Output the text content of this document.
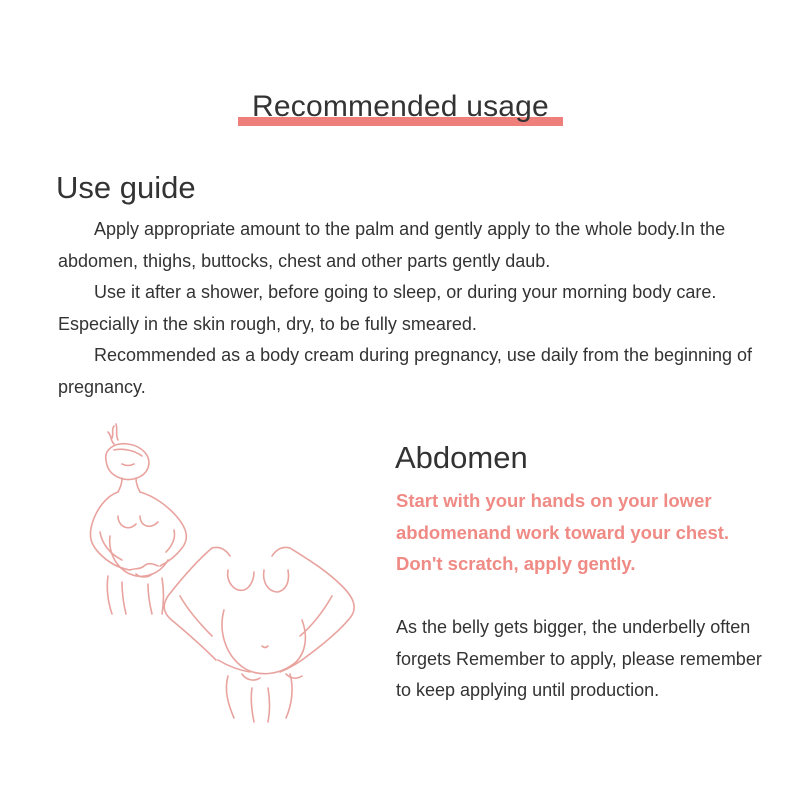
Recommended usage
Use guide

Apply appropriate amount to the palm and gently apply to the whole body.In the abdomen, thighs, buttocks, chest and other parts gently daub.

Use it after a shower, before going to sleep, or during your morning body care. Especially in the skin rough, dry, to be fully smeared.

Recommended as a body cream during pregnancy, use daily from the beginning of pregnancy.

Abdomen
Start with your hands on your lower
abdomenand work toward your chest.
Don't scratch, apply gently.
As the belly gets bigger, the underbelly often
forgets Remember to apply, please remember
to keep applying until production.
